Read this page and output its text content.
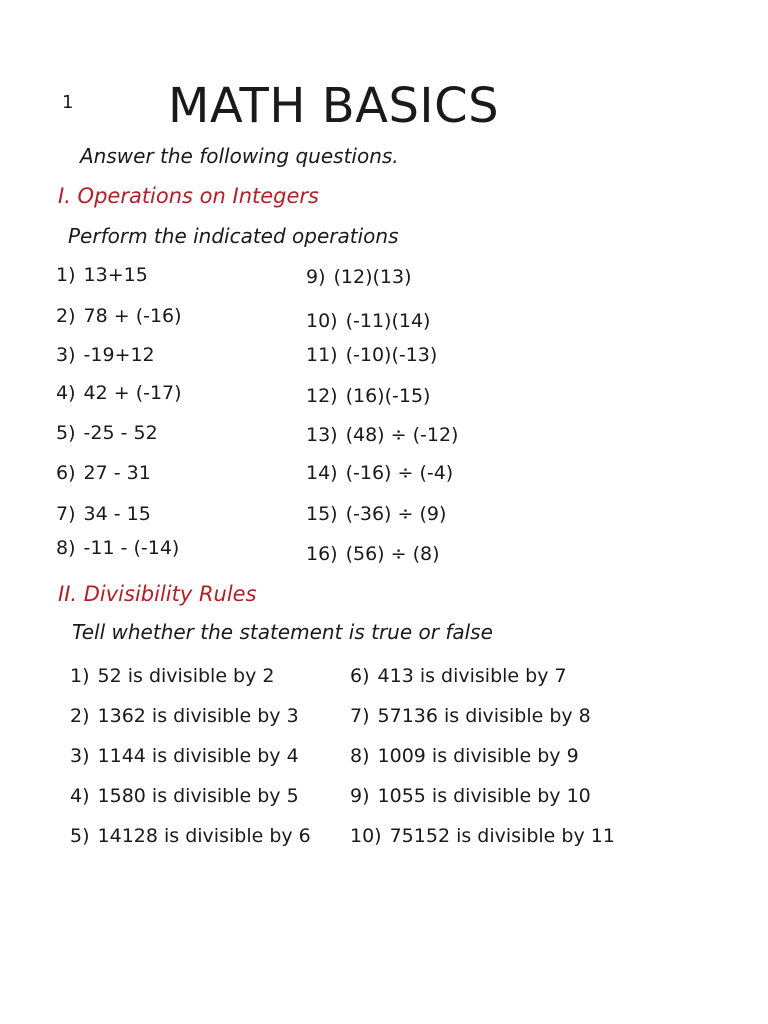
1 MATH BASICS
Answer the following questions.
I. Operations on Integers
Perform the indicated operations
1) 13+15
2) 78 + (-16)
3) -19+12
4) 42 + (-17)
5) -25 - 52
6) 27 - 31
7) 34 - 15
8) -11 - (-14)
9) (12)(13)
10) (-11)(14)
11) (-10)(-13)
12) (16)(-15)
13) (48) ÷ (-12)
14) (-16) ÷ (-4)
15) (-36) ÷ (9)
16) (56) ÷ (8)
II. Divisibility Rules
Tell whether the statement is true or false
1) 52 is divisible by 2
2) 1362 is divisible by 3
3) 1144 is divisible by 4
4) 1580 is divisible by 5
5) 14128 is divisible by 6
6) 413 is divisible by 7
7) 57136 is divisible by 8
8) 1009 is divisible by 9
9) 1055 is divisible by 10
10) 75152 is divisible by 11
